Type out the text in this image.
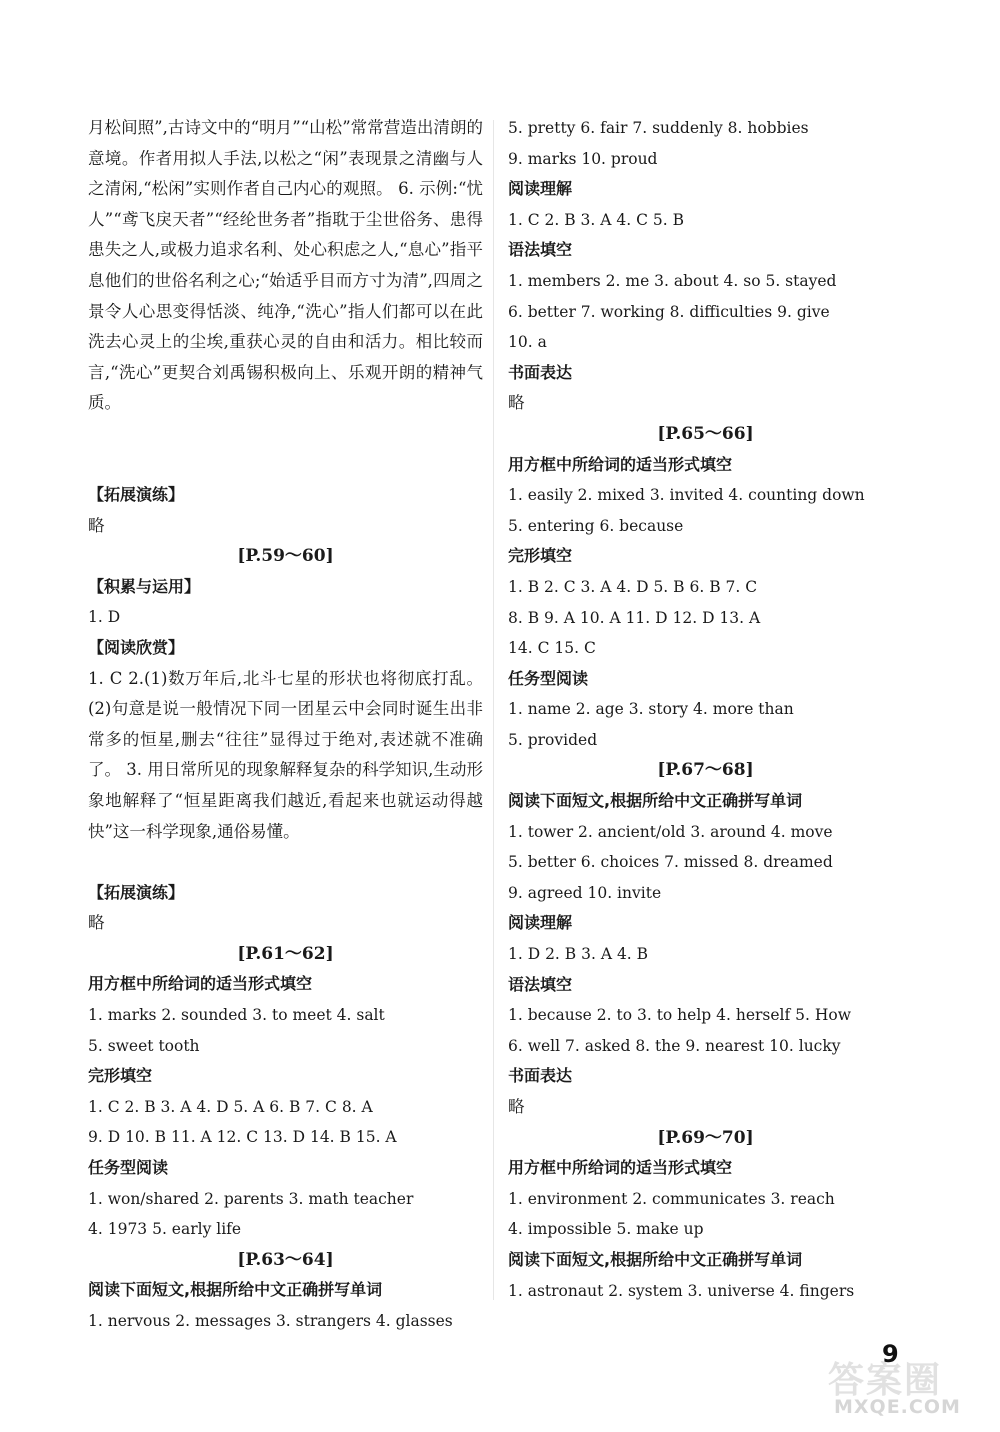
月松间照”,古诗文中的“明月”“山松”常常营造出清朗的意境。作者用拟人手法,以松之“闲”表现景之清幽与人之清闲,“松闲”实则作者自己内心的观照。 6. 示例:“忧人”“鸢飞戾天者”“经纶世务者”指耽于尘世俗务、患得患失之人,或极力追求名利、处心积虑之人,“息心”指平息他们的世俗名利之心;“始适乎目而方寸为清”,四周之景令人心思变得恬淡、纯净,“洗心”指人们都可以在此洗去心灵上的尘埃,重获心灵的自由和活力。相比较而言,“洗心”更契合刘禹锡积极向上、乐观开朗的精神气质。
【拓展演练】
略
[P.59～60]
【积累与运用】
1. D
【阅读欣赏】
1. C 2.(1)数万年后,北斗七星的形状也将彻底打乱。 (2)句意是说一般情况下同一团星云中会同时诞生出非常多的恒星,删去“往往”显得过于绝对,表述就不准确了。 3. 用日常所见的现象解释复杂的科学知识,生动形象地解释了“恒星距离我们越近,看起来也就运动得越快”这一科学现象,通俗易懂。
【拓展演练】
略
[P.61～62]
用方框中所给词的适当形式填空
1. marks 2. sounded 3. to meet 4. salt
5. sweet tooth
完形填空
1. C 2. B 3. A 4. D 5. A 6. B 7. C 8. A
9. D 10. B 11. A 12. C 13. D 14. B 15. A
任务型阅读
1. won/shared 2. parents 3. math teacher
4. 1973 5. early life
[P.63～64]
阅读下面短文,根据所给中文正确拼写单词
1. nervous 2. messages 3. strangers 4. glasses
5. pretty 6. fair 7. suddenly 8. hobbies
9. marks 10. proud
阅读理解
1. C 2. B 3. A 4. C 5. B
语法填空
1. members 2. me 3. about 4. so 5. stayed
6. better 7. working 8. difficulties 9. give
10. a
书面表达
略
[P.65～66]
用方框中所给词的适当形式填空
1. easily 2. mixed 3. invited 4. counting down
5. entering 6. because
完形填空
1. B 2. C 3. A 4. D 5. B 6. B 7. C
8. B 9. A 10. A 11. D 12. D 13. A
14. C 15. C
任务型阅读
1. name 2. age 3. story 4. more than
5. provided
[P.67～68]
阅读下面短文,根据所给中文正确拼写单词
1. tower 2. ancient/old 3. around 4. move
5. better 6. choices 7. missed 8. dreamed
9. agreed 10. invite
阅读理解
1. D 2. B 3. A 4. B
语法填空
1. because 2. to 3. to help 4. herself 5. How
6. well 7. asked 8. the 9. nearest 10. lucky
书面表达
略
[P.69～70]
用方框中所给词的适当形式填空
1. environment 2. communicates 3. reach
4. impossible 5. make up
阅读下面短文,根据所给中文正确拼写单词
1. astronaut 2. system 3. universe 4. fingers
答案圈
MXQE.COM
9
